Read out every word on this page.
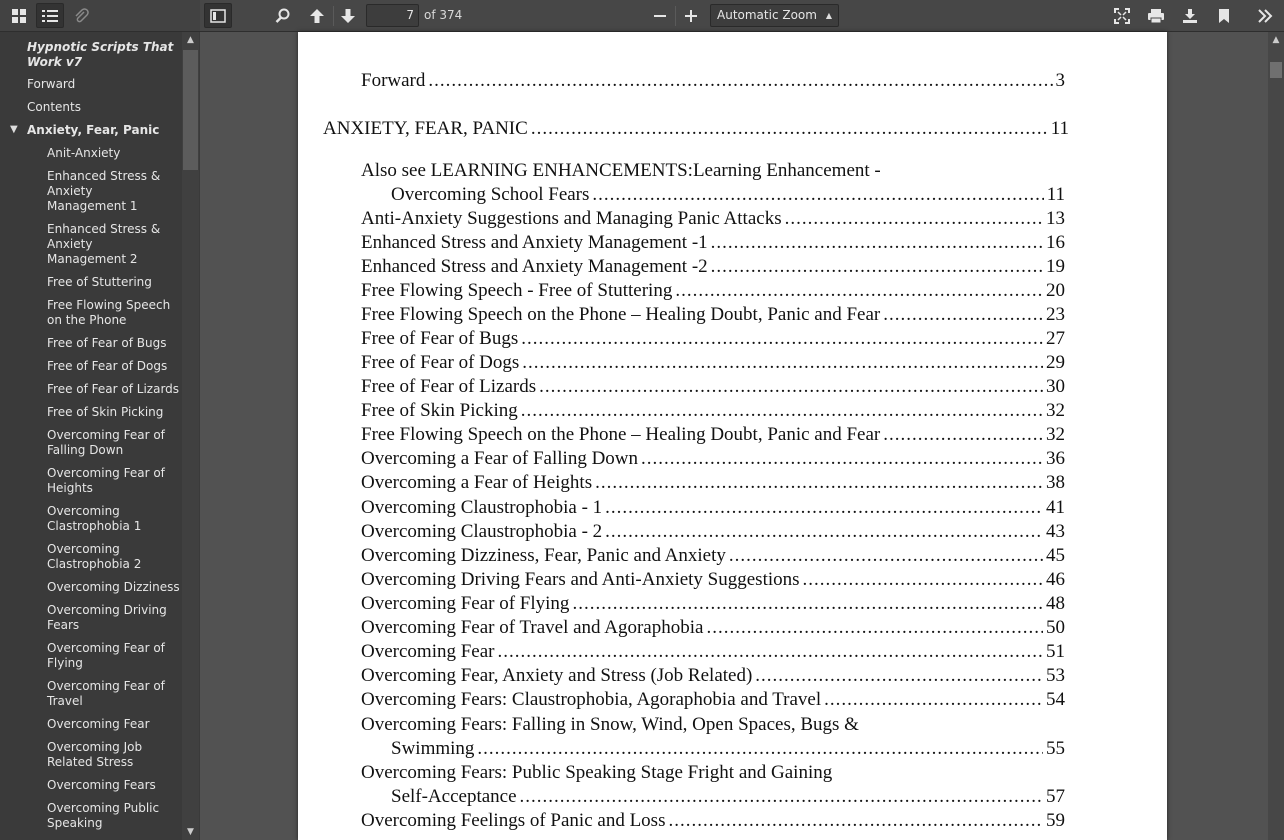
7 of 374	Automatic Zoom ▲

Hypnotic Scripts That Work v7
Forward
Contents
▼ Anxiety, Fear, Panic
Anit-Anxiety
Enhanced Stress & Anxiety Management 1
Enhanced Stress & Anxiety Management 2
Free of Stuttering
Free Flowing Speech on the Phone
Free of Fear of Bugs
Free of Fear of Dogs
Free of Fear of Lizards
Free of Skin Picking
Overcoming Fear of Falling Down
Overcoming Fear of Heights
Overcoming Clastrophobia 1
Overcoming Clastrophobia 2
Overcoming Dizziness
Overcoming Driving Fears
Overcoming Fear of Flying
Overcoming Fear of Travel
Overcoming Fear
Overcoming Job Related Stress
Overcoming Fears
Overcoming Public Speaking
▲
▼
Forward .....	3
ANXIETY, FEAR, PANIC .....	11
Also see LEARNING ENHANCEMENTS:Learning Enhancement -
Overcoming School Fears .....	11
Anti-Anxiety Suggestions and Managing Panic Attacks .....	13
Enhanced Stress and Anxiety Management -1 .....	16
Enhanced Stress and Anxiety Management -2 .....	19
Free Flowing Speech - Free of Stuttering .....	20
Free Flowing Speech on the Phone – Healing Doubt, Panic and Fear .....	23
Free of Fear of Bugs .....	27
Free of Fear of Dogs .....	29
Free of Fear of Lizards .....	30
Free of Skin Picking .....	32
Free Flowing Speech on the Phone – Healing Doubt, Panic and Fear .....	32
Overcoming a Fear of Falling Down .....	36
Overcoming a Fear of Heights .....	38
Overcoming Claustrophobia - 1 .....	41
Overcoming Claustrophobia - 2 .....	43
Overcoming Dizziness, Fear, Panic and Anxiety .....	45
Overcoming Driving Fears and Anti-Anxiety Suggestions .....	46
Overcoming Fear of Flying .....	48
Overcoming Fear of Travel and Agoraphobia .....	50
Overcoming Fear .....	51
Overcoming Fear, Anxiety and Stress (Job Related) .....	53
Overcoming Fears: Claustrophobia, Agoraphobia and Travel .....	54
Overcoming Fears: Falling in Snow, Wind, Open Spaces, Bugs &
Swimming .....	55
Overcoming Fears: Public Speaking Stage Fright and Gaining
Self-Acceptance .....	57
Overcoming Feelings of Panic and Loss .....	59
▲
